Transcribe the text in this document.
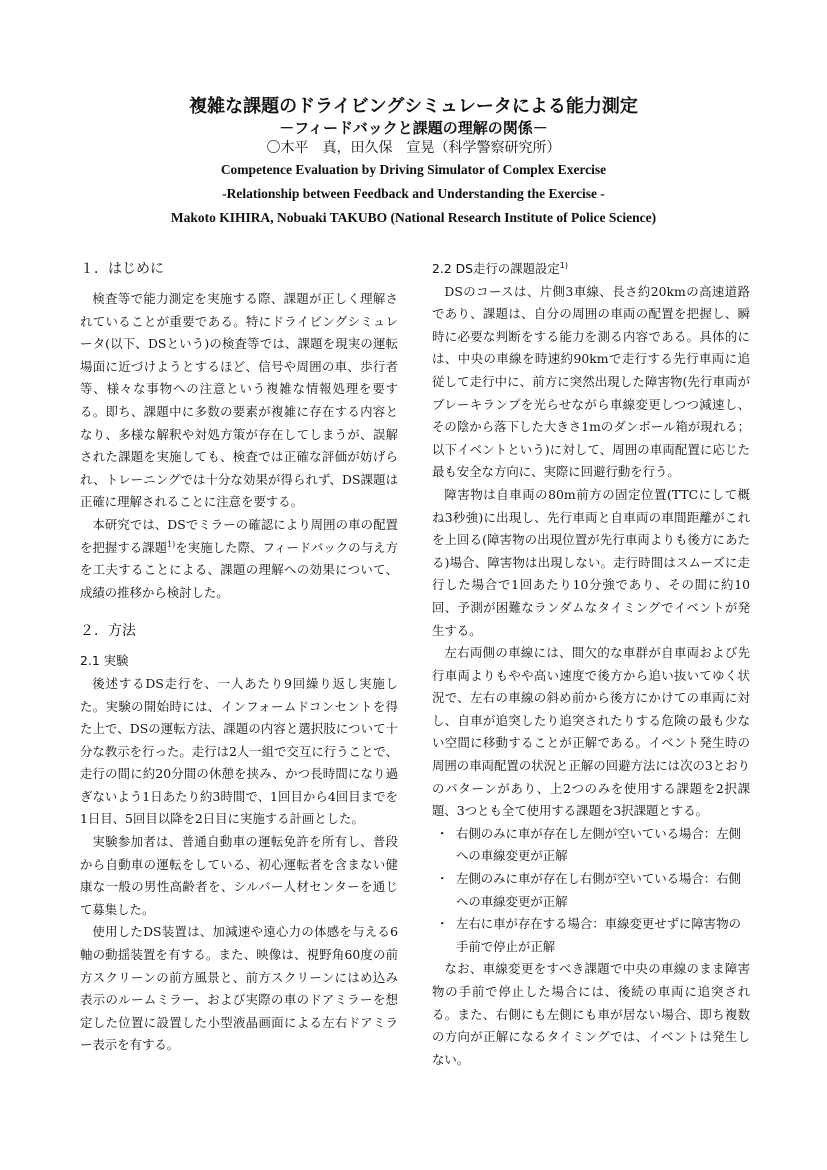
複雑な課題のドライビングシミュレータによる能力測定
－フィードバックと課題の理解の関係－
〇木平　真，田久保　宣晃（科学警察研究所）
Competence Evaluation by Driving Simulator of Complex Exercise
-Relationship between Feedback and Understanding the Exercise -
Makoto KIHIRA, Nobuaki TAKUBO (National Research Institute of Police Science)
１．はじめに

検査等で能力測定を実施する際、課題が正しく理解されていることが重要である。特にドライビングシミュレータ(以下、DSという)の検査等では、課題を現実の運転場面に近づけようとするほど、信号や周囲の車、歩行者等、様々な事物への注意という複雑な情報処理を要する。即ち、課題中に多数の要素が複雑に存在する内容となり、多様な解釈や対処方策が存在してしまうが、誤解された課題を実施しても、検査では正確な評価が妨げられ、トレーニングでは十分な効果が得られず、DS課題は正確に理解されることに注意を要する。

本研究では、DSでミラーの確認により周囲の車の配置を把握する課題$^{1)}$を実施した際、フィードバックの与え方を工夫することによる、課題の理解への効果について、成績の推移から検討した。

２．方法
2.1 実験

後述するDS走行を、一人あたり9回繰り返し実施した。実験の開始時には、インフォームドコンセントを得た上で、DSの運転方法、課題の内容と選択肢について十分な教示を行った。走行は2人一組で交互に行うことで、走行の間に約20分間の休憩を挟み、かつ長時間になり過ぎないよう1日あたり約3時間で、1回目から4回目までを1日目、5回目以降を2日目に実施する計画とした。

実験参加者は、普通自動車の運転免許を所有し、普段から自動車の運転をしている、初心運転者を含まない健康な一般の男性高齢者を、シルバー人材センターを通じて募集した。

使用したDS装置は、加減速や遠心力の体感を与える6軸の動揺装置を有する。また、映像は、視野角60度の前方スクリーンの前方風景と、前方スクリーンにはめ込み表示のルームミラー、および実際の車のドアミラーを想定した位置に設置した小型液晶画面による左右ドアミラー表示を有する。

2.2 DS走行の課題設定$^{1)}$

DSのコースは、片側3車線、長さ約20kmの高速道路であり、課題は、自分の周囲の車両の配置を把握し、瞬時に必要な判断をする能力を測る内容である。具体的には、中央の車線を時速約90kmで走行する先行車両に追従して走行中に、前方に突然出現した障害物(先行車両がブレーキランプを光らせながら車線変更しつつ減速し、その陰から落下した大きさ1mのダンボール箱が現れる；以下イベントという)に対して、周囲の車両配置に応じた最も安全な方向に、実際に回避行動を行う。

障害物は自車両の80m前方の固定位置(TTCにして概ね3秒強)に出現し、先行車両と自車両の車間距離がこれを上回る(障害物の出現位置が先行車両よりも後方にあたる)場合、障害物は出現しない。走行時間はスムーズに走行した場合で1回あたり10分強であり、その間に約10回、予測が困難なランダムなタイミングでイベントが発生する。

左右両側の車線には、間欠的な車群が自車両および先行車両よりもやや高い速度で後方から追い抜いてゆく状況で、左右の車線の斜め前から後方にかけての車両に対し、自車が追突したり追突されたりする危険の最も少ない空間に移動することが正解である。イベント発生時の周囲の車両配置の状況と正解の回避方法には次の3とおりのパターンがあり、上2つのみを使用する課題を2択課題、3つとも全て使用する課題を3択課題とする。

・ 右側のみに車が存在し左側が空いている場合：左側への車線変更が正解
・ 左側のみに車が存在し右側が空いている場合：右側への車線変更が正解
・ 左右に車が存在する場合：車線変更せずに障害物の手前で停止が正解

なお、車線変更をすべき課題で中央の車線のまま障害物の手前で停止した場合には、後続の車両に追突される。また、右側にも左側にも車が居ない場合、即ち複数の方向が正解になるタイミングでは、イベントは発生しない。
